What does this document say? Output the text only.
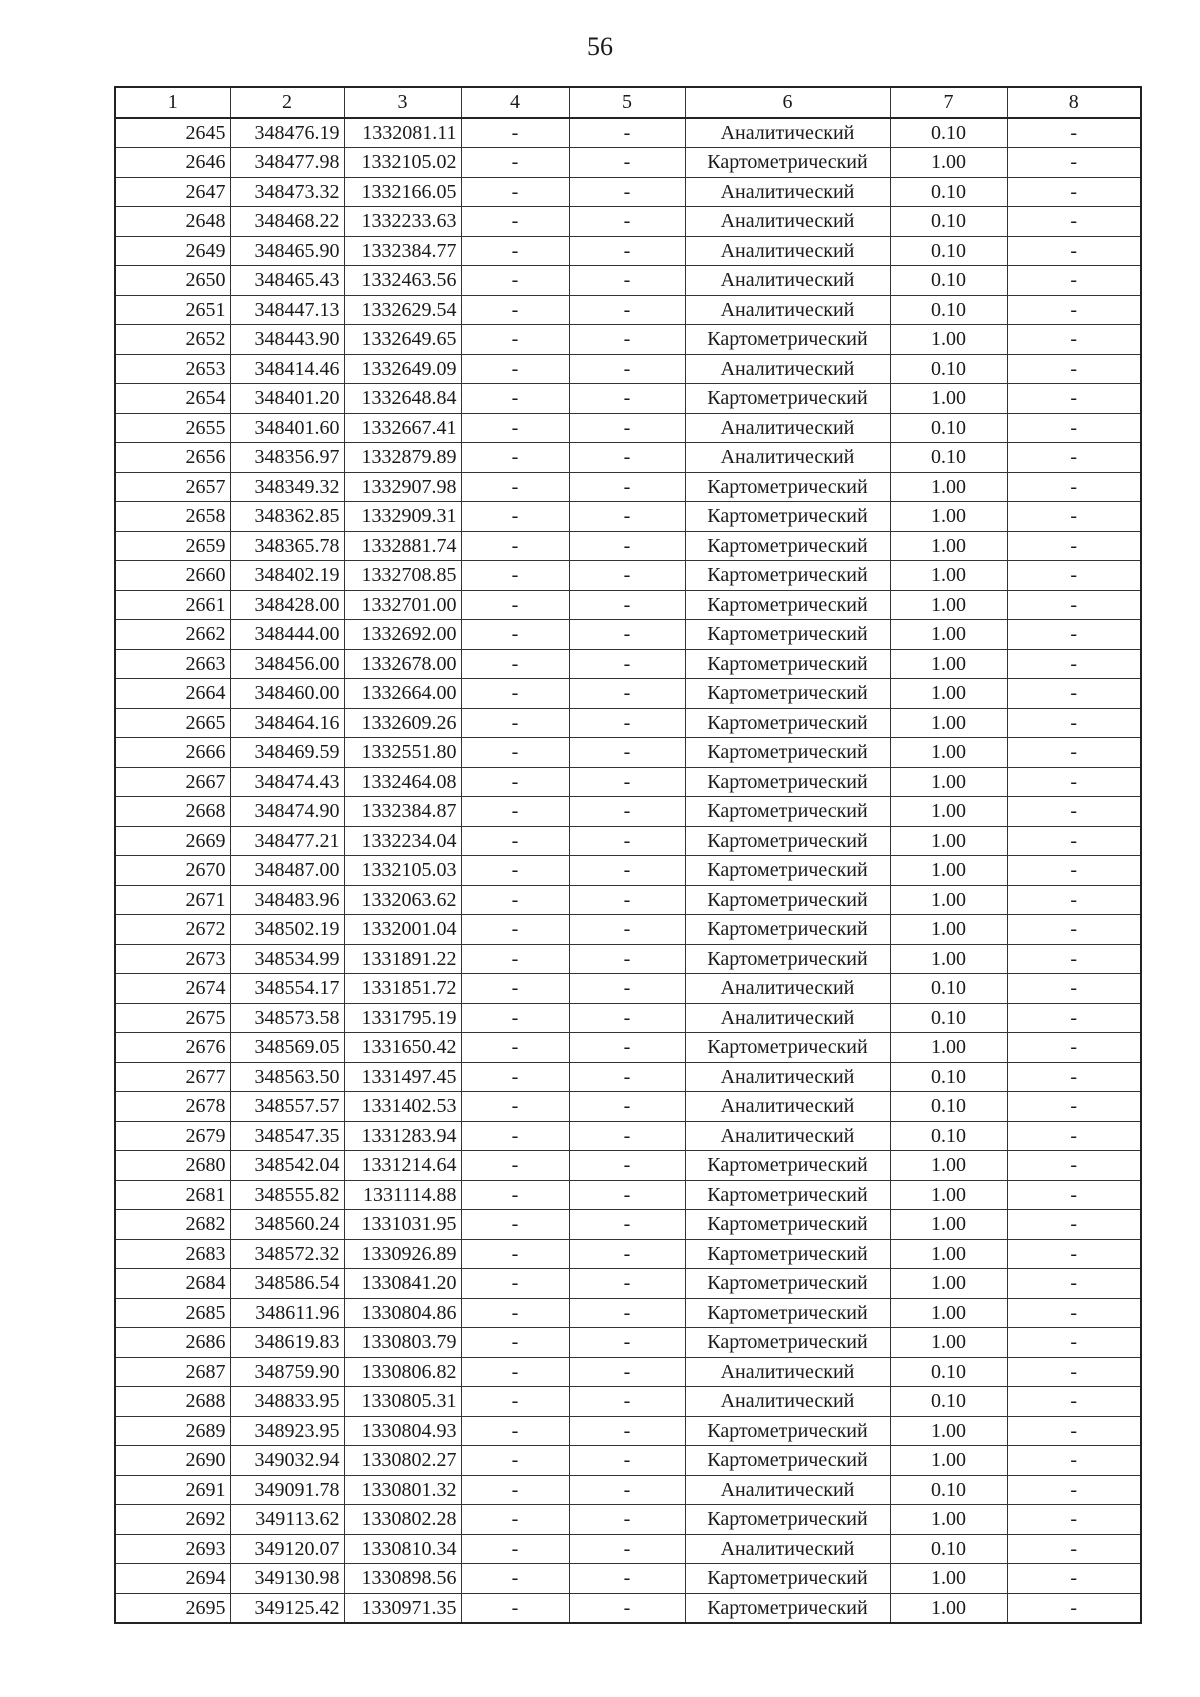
56
1	2	3	4	5	6	7	8
2645	348476.19	1332081.11	-	-	Аналитический	0.10	-
2646	348477.98	1332105.02	-	-	Картометрический	1.00	-
2647	348473.32	1332166.05	-	-	Аналитический	0.10	-
2648	348468.22	1332233.63	-	-	Аналитический	0.10	-
2649	348465.90	1332384.77	-	-	Аналитический	0.10	-
2650	348465.43	1332463.56	-	-	Аналитический	0.10	-
2651	348447.13	1332629.54	-	-	Аналитический	0.10	-
2652	348443.90	1332649.65	-	-	Картометрический	1.00	-
2653	348414.46	1332649.09	-	-	Аналитический	0.10	-
2654	348401.20	1332648.84	-	-	Картометрический	1.00	-
2655	348401.60	1332667.41	-	-	Аналитический	0.10	-
2656	348356.97	1332879.89	-	-	Аналитический	0.10	-
2657	348349.32	1332907.98	-	-	Картометрический	1.00	-
2658	348362.85	1332909.31	-	-	Картометрический	1.00	-
2659	348365.78	1332881.74	-	-	Картометрический	1.00	-
2660	348402.19	1332708.85	-	-	Картометрический	1.00	-
2661	348428.00	1332701.00	-	-	Картометрический	1.00	-
2662	348444.00	1332692.00	-	-	Картометрический	1.00	-
2663	348456.00	1332678.00	-	-	Картометрический	1.00	-
2664	348460.00	1332664.00	-	-	Картометрический	1.00	-
2665	348464.16	1332609.26	-	-	Картометрический	1.00	-
2666	348469.59	1332551.80	-	-	Картометрический	1.00	-
2667	348474.43	1332464.08	-	-	Картометрический	1.00	-
2668	348474.90	1332384.87	-	-	Картометрический	1.00	-
2669	348477.21	1332234.04	-	-	Картометрический	1.00	-
2670	348487.00	1332105.03	-	-	Картометрический	1.00	-
2671	348483.96	1332063.62	-	-	Картометрический	1.00	-
2672	348502.19	1332001.04	-	-	Картометрический	1.00	-
2673	348534.99	1331891.22	-	-	Картометрический	1.00	-
2674	348554.17	1331851.72	-	-	Аналитический	0.10	-
2675	348573.58	1331795.19	-	-	Аналитический	0.10	-
2676	348569.05	1331650.42	-	-	Картометрический	1.00	-
2677	348563.50	1331497.45	-	-	Аналитический	0.10	-
2678	348557.57	1331402.53	-	-	Аналитический	0.10	-
2679	348547.35	1331283.94	-	-	Аналитический	0.10	-
2680	348542.04	1331214.64	-	-	Картометрический	1.00	-
2681	348555.82	1331114.88	-	-	Картометрический	1.00	-
2682	348560.24	1331031.95	-	-	Картометрический	1.00	-
2683	348572.32	1330926.89	-	-	Картометрический	1.00	-
2684	348586.54	1330841.20	-	-	Картометрический	1.00	-
2685	348611.96	1330804.86	-	-	Картометрический	1.00	-
2686	348619.83	1330803.79	-	-	Картометрический	1.00	-
2687	348759.90	1330806.82	-	-	Аналитический	0.10	-
2688	348833.95	1330805.31	-	-	Аналитический	0.10	-
2689	348923.95	1330804.93	-	-	Картометрический	1.00	-
2690	349032.94	1330802.27	-	-	Картометрический	1.00	-
2691	349091.78	1330801.32	-	-	Аналитический	0.10	-
2692	349113.62	1330802.28	-	-	Картометрический	1.00	-
2693	349120.07	1330810.34	-	-	Аналитический	0.10	-
2694	349130.98	1330898.56	-	-	Картометрический	1.00	-
2695	349125.42	1330971.35	-	-	Картометрический	1.00	-
